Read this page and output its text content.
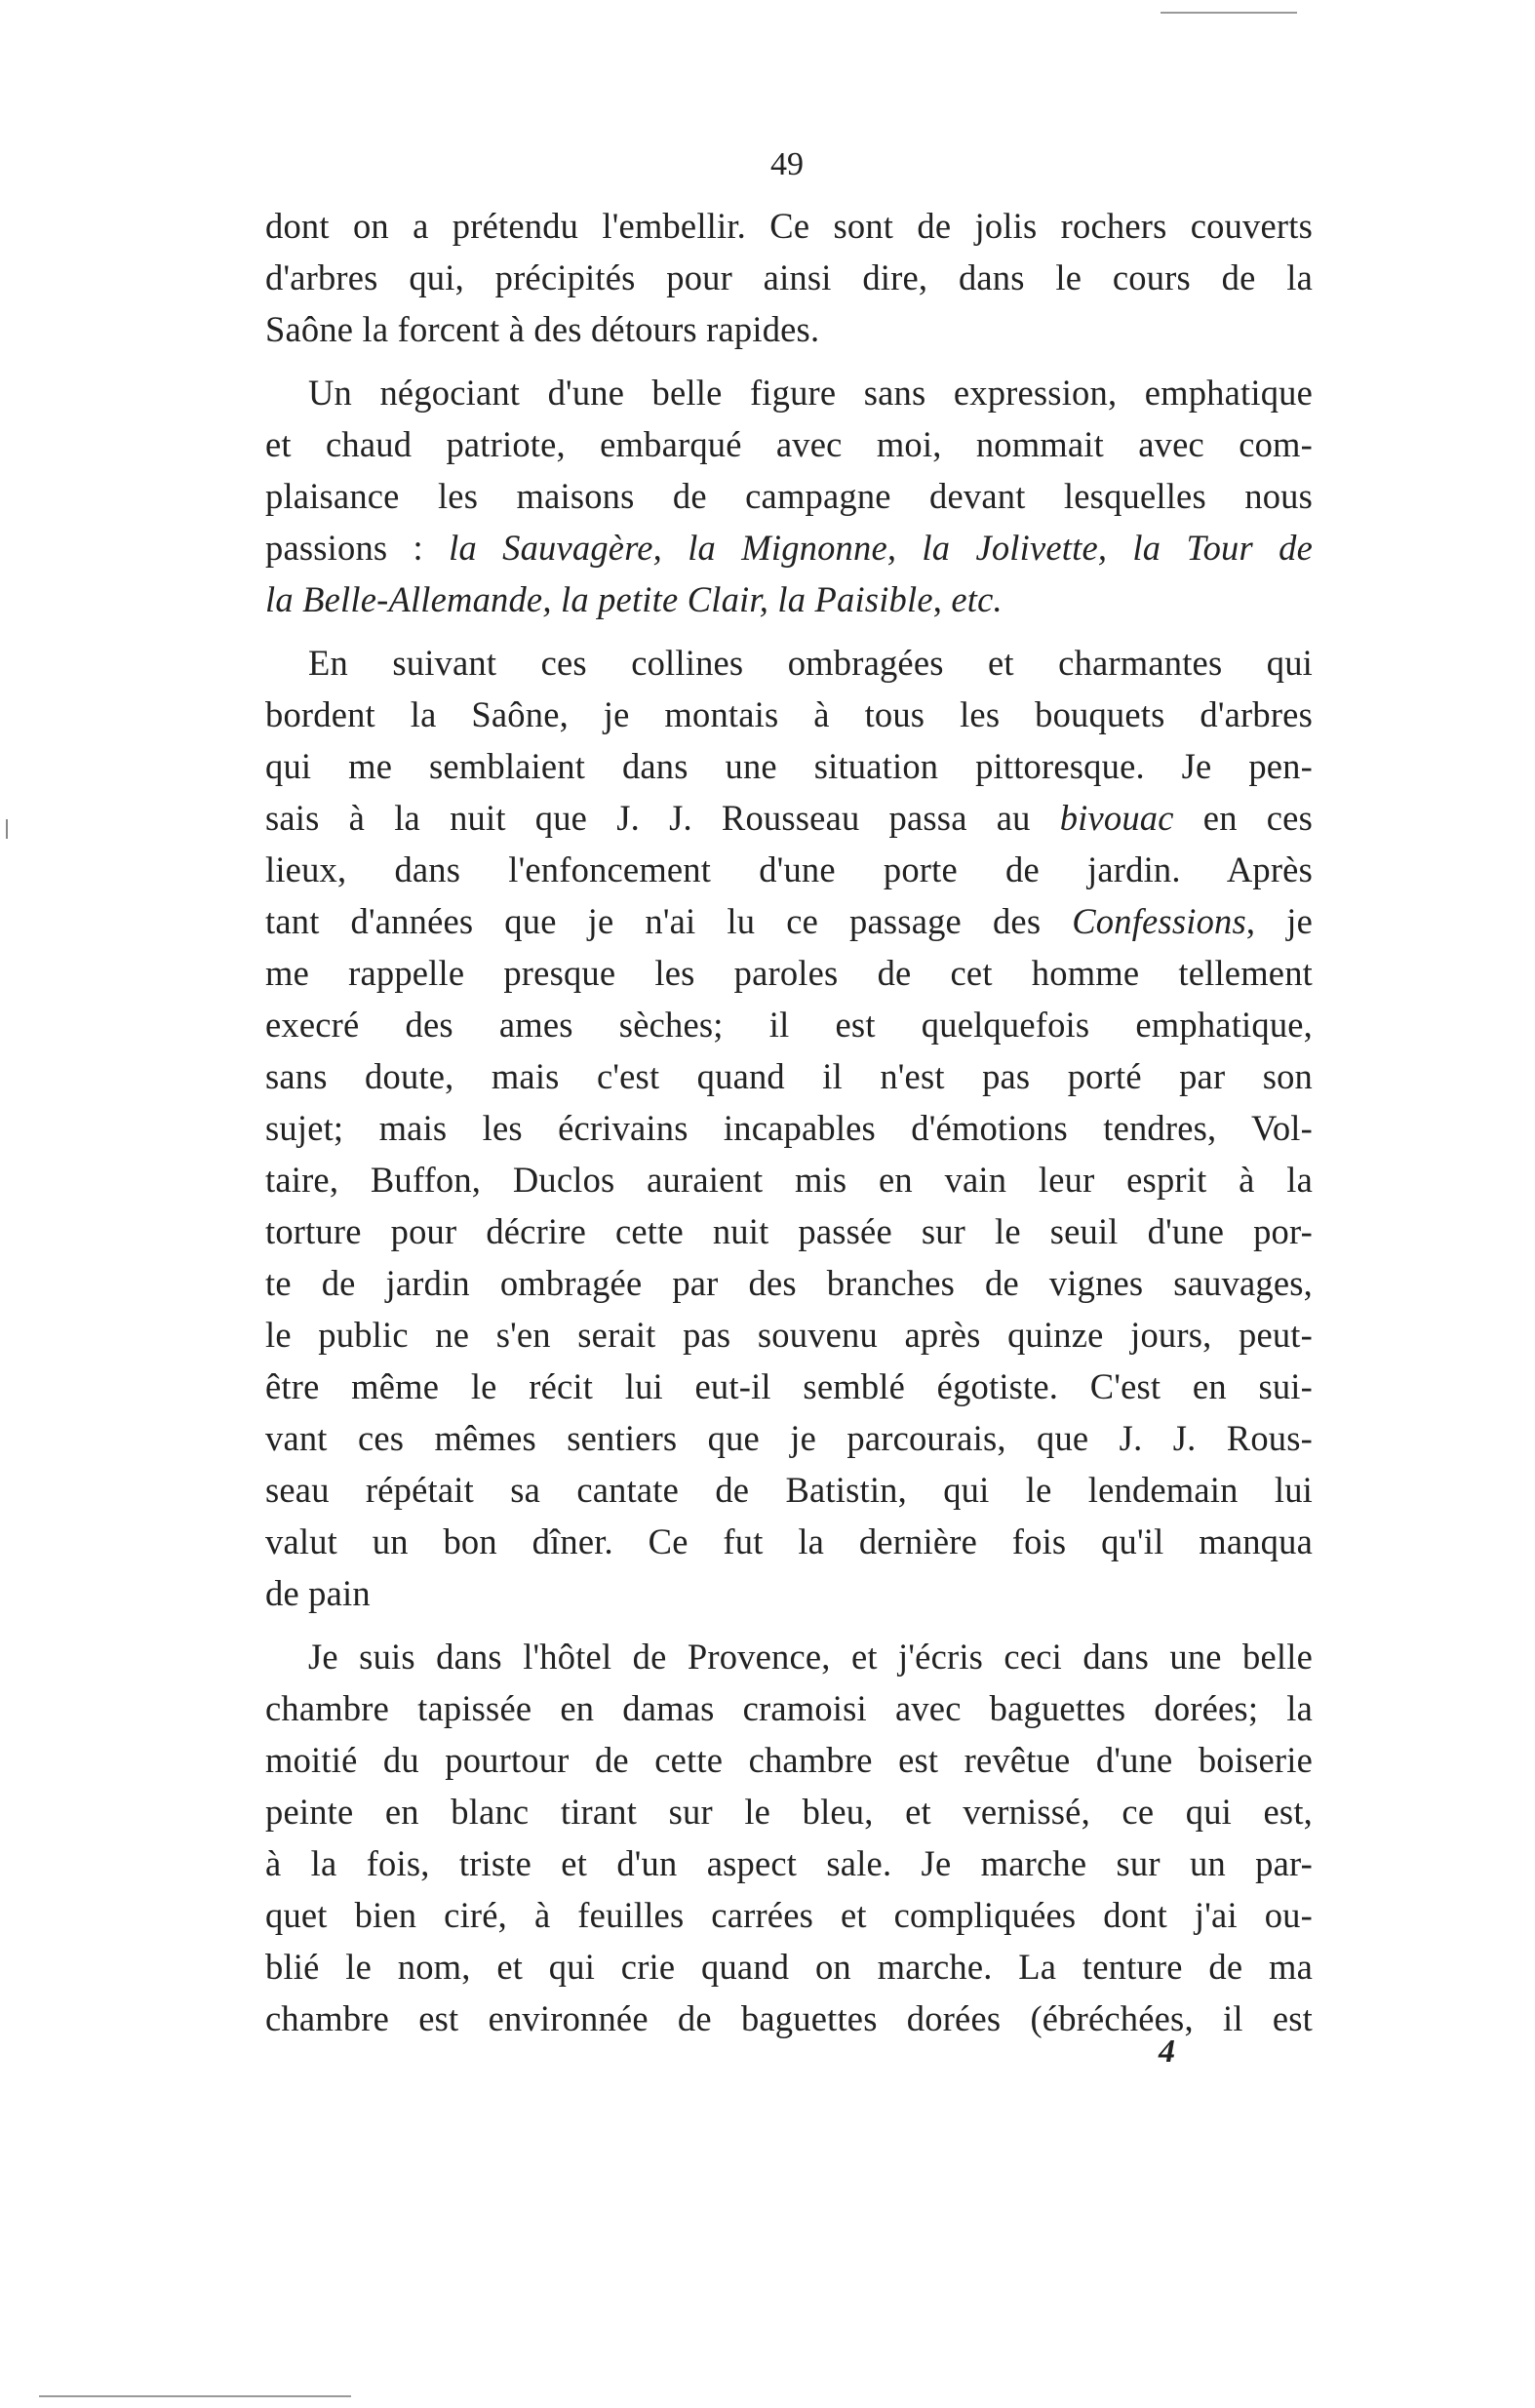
49
dont on a prétendu l'embellir. Ce sont de jolis rochers couverts
d'arbres qui, précipités pour ainsi dire, dans le cours de la
Saône la forcent à des détours rapides.
Un négociant d'une belle figure sans expression, emphatique
et chaud patriote, embarqué avec moi, nommait avec com-
plaisance les maisons de campagne devant lesquelles nous
passions : la Sauvagère, la Mignonne, la Jolivette, la Tour de
la Belle-Allemande, la petite Clair, la Paisible, etc.
En suivant ces collines ombragées et charmantes qui
bordent la Saône, je montais à tous les bouquets d'arbres
qui me semblaient dans une situation pittoresque. Je pen-
sais à la nuit que J. J. Rousseau passa au bivouac en ces
lieux, dans l'enfoncement d'une porte de jardin. Après
tant d'années que je n'ai lu ce passage des Confessions, je
me rappelle presque les paroles de cet homme tellement
execré des ames sèches; il est quelquefois emphatique,
sans doute, mais c'est quand il n'est pas porté par son
sujet; mais les écrivains incapables d'émotions tendres, Vol-
taire, Buffon, Duclos auraient mis en vain leur esprit à la
torture pour décrire cette nuit passée sur le seuil d'une por-
te de jardin ombragée par des branches de vignes sauvages,
le public ne s'en serait pas souvenu après quinze jours, peut-
être même le récit lui eut-il semblé égotiste. C'est en sui-
vant ces mêmes sentiers que je parcourais, que J. J. Rous-
seau répétait sa cantate de Batistin, qui le lendemain lui
valut un bon dîner. Ce fut la dernière fois qu'il manqua
de pain
Je suis dans l'hôtel de Provence, et j'écris ceci dans une belle
chambre tapissée en damas cramoisi avec baguettes dorées; la
moitié du pourtour de cette chambre est revêtue d'une boiserie
peinte en blanc tirant sur le bleu, et vernissé, ce qui est,
à la fois, triste et d'un aspect sale. Je marche sur un par-
quet bien ciré, à feuilles carrées et compliquées dont j'ai ou-
blié le nom, et qui crie quand on marche. La tenture de ma
chambre est environnée de baguettes dorées (ébréchées, il est
4
